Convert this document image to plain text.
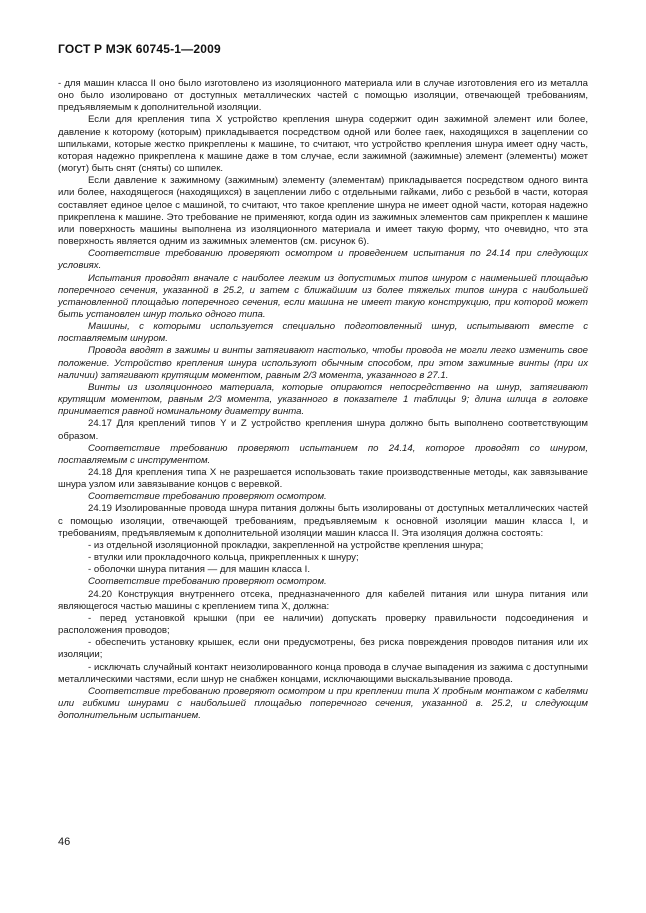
ГОСТ Р МЭК 60745-1—2009

- для машин класса II оно было изготовлено из изоляционного материала или в случае изготовления его из металла оно было изолировано от доступных металлических частей с помощью изоляции, отвечающей требованиям, предъявляемым к дополнительной изоляции.

Если для крепления типа Х устройство крепления шнура содержит один зажимной элемент или более, давление к которому (которым) прикладывается посредством одной или более гаек, находящихся в зацеплении со шпильками, которые жестко прикреплены к машине, то считают, что устройство крепления шнура имеет одну часть, которая надежно прикреплена к машине даже в том случае, если зажимной (зажимные) элемент (элементы) может (могут) быть снят (сняты) со шпилек.

Если давление к зажимному (зажимным) элементу (элементам) прикладывается посредством одного винта или более, находящегося (находящихся) в зацеплении либо с отдельными гайками, либо с резьбой в части, которая составляет единое целое с машиной, то считают, что такое крепление шнура не имеет одной части, которая надежно прикреплена к машине. Это требование не применяют, когда один из зажимных элементов сам прикреплен к машине или поверхность машины выполнена из изоляционного материала и имеет такую форму, что очевидно, что эта поверхность является одним из зажимных элементов (см. рисунок 6).

Соответствие требованию проверяют осмотром и проведением испытания по 24.14 при следующих условиях.

Испытания проводят вначале с наиболее легким из допустимых типов шнуром с наименьшей площадью поперечного сечения, указанной в 25.2, и затем с ближайшим из более тяжелых типов шнура с наибольшей установленной площадью поперечного сечения, если машина не имеет такую конструкцию, при которой может быть установлен шнур только одного типа.

Машины, с которыми используется специально подготовленный шнур, испытывают вместе с поставляемым шнуром.

Провода вводят в зажимы и винты затягивают настолько, чтобы провода не могли легко изменить свое положение. Устройство крепления шнура используют обычным способом, при этом зажимные винты (при их наличии) затягивают крутящим моментом, равным 2/3 момента, указанного в 27.1.

Винты из изоляционного материала, которые опираются непосредственно на шнур, затягивают крутящим моментом, равным 2/3 момента, указанного в показателе 1 таблицы 9; длина шлица в головке принимается равной номинальному диаметру винта.

24.17 Для креплений типов Y и Z устройство крепления шнура должно быть выполнено соответствующим образом.

Соответствие требованию проверяют испытанием по 24.14, которое проводят со шнуром, поставляемым с инструментом.

24.18 Для крепления типа Х не разрешается использовать такие производственные методы, как завязывание шнура узлом или завязывание концов с веревкой.

Соответствие требованию проверяют осмотром.

24.19 Изолированные провода шнура питания должны быть изолированы от доступных металлических частей с помощью изоляции, отвечающей требованиям, предъявляемым к основной изоляции машин класса I, и требованиям, предъявляемым к дополнительной изоляции машин класса II. Эта изоляция должна состоять:

- из отдельной изоляционной прокладки, закрепленной на устройстве крепления шнура;

- втулки или прокладочного кольца, прикрепленных к шнуру;

- оболочки шнура питания — для машин класса I.

Соответствие требованию проверяют осмотром.

24.20 Конструкция внутреннего отсека, предназначенного для кабелей питания или шнура питания или являющегося частью машины с креплением типа Х, должна:

- перед установкой крышки (при ее наличии) допускать проверку правильности подсоединения и расположения проводов;

- обеспечить установку крышек, если они предусмотрены, без риска повреждения проводов питания или их изоляции;

- исключать случайный контакт неизолированного конца провода в случае выпадения из зажима с доступными металлическими частями, если шнур не снабжен концами, исключающими выскальзывание провода.

Соответствие требованию проверяют осмотром и при креплении типа Х пробным монтажом с кабелями или гибкими шнурами с наибольшей площадью поперечного сечения, указанной в. 25.2, и следующим дополнительным испытанием.

46
